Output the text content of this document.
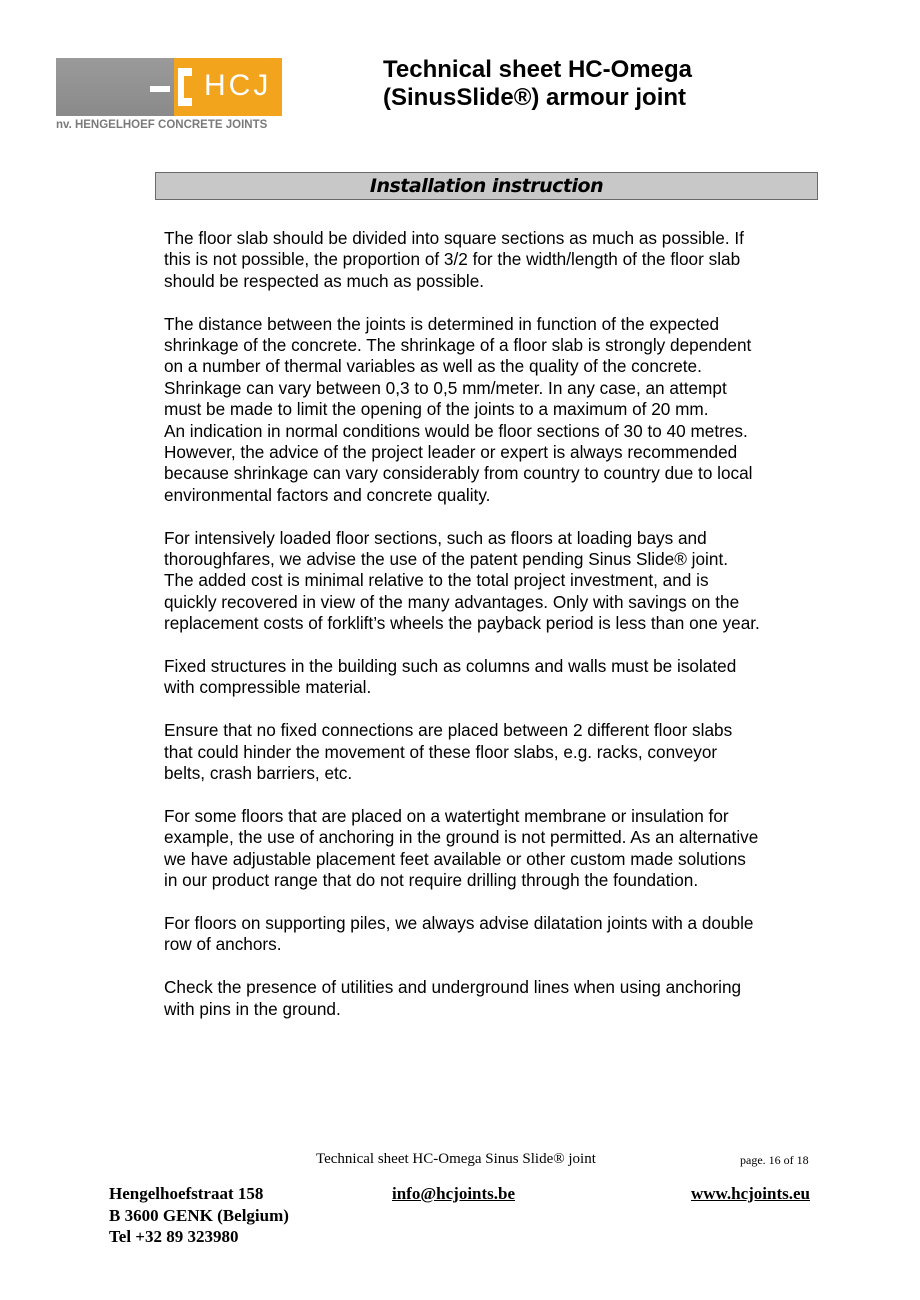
HCJ
nv. HENGELHOEF CONCRETE JOINTS
Technical sheet HC-Omega
(SinusSlide®) armour joint
Installation instruction
The floor slab should be divided into square sections as much as possible. If
this is not possible, the proportion of 3/2 for the width/length of the floor slab
should be respected as much as possible.
The distance between the joints is determined in function of the expected
shrinkage of the concrete. The shrinkage of a floor slab is strongly dependent
on a number of thermal variables as well as the quality of the concrete.
Shrinkage can vary between 0,3 to 0,5 mm/meter. In any case, an attempt
must be made to limit the opening of the joints to a maximum of 20 mm.
An indication in normal conditions would be floor sections of 30 to 40 metres.
However, the advice of the project leader or expert is always recommended
because shrinkage can vary considerably from country to country due to local
environmental factors and concrete quality.
For intensively loaded floor sections, such as floors at loading bays and
thoroughfares, we advise the use of the patent pending Sinus Slide® joint.
The added cost is minimal relative to the total project investment, and is
quickly recovered in view of the many advantages. Only with savings on the
replacement costs of forklift’s wheels the payback period is less than one year.
Fixed structures in the building such as columns and walls must be isolated
with compressible material.
Ensure that no fixed connections are placed between 2 different floor slabs
that could hinder the movement of these floor slabs, e.g. racks, conveyor
belts, crash barriers, etc.
For some floors that are placed on a watertight membrane or insulation for
example, the use of anchoring in the ground is not permitted. As an alternative
we have adjustable placement feet available or other custom made solutions
in our product range that do not require drilling through the foundation.
For floors on supporting piles, we always advise dilatation joints with a double
row of anchors.
Check the presence of utilities and underground lines when using anchoring
with pins in the ground.
Technical sheet HC-Omega Sinus Slide® joint	page. 16 of 18
Hengelhoefstraat 158
B 3600 GENK (Belgium)
Tel +32 89 323980
info@hcjoints.be	www.hcjoints.eu
